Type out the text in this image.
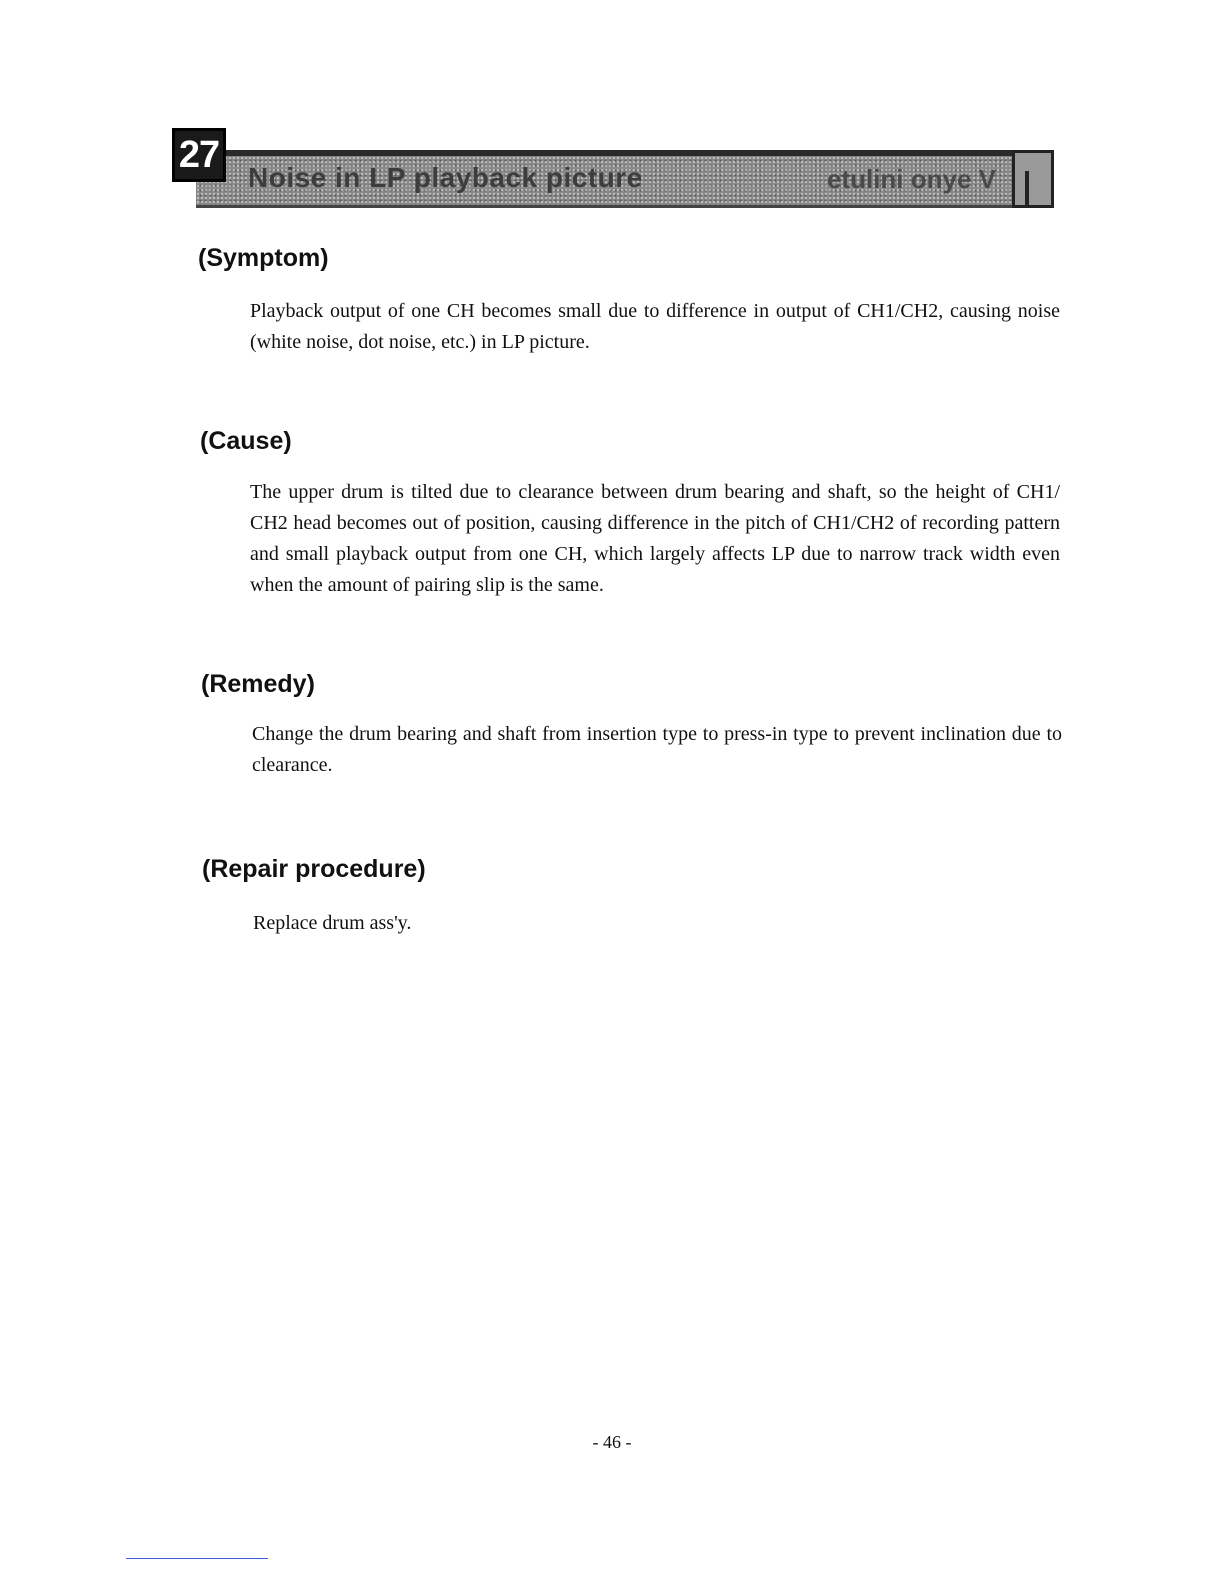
27
Noise in LP playback picture	etulini onye V
(Symptom)

Playback output of one CH becomes small due to difference in output of CH1/CH2, causing noise (white noise, dot noise, etc.) in LP picture.

(Cause)

The upper drum is tilted due to clearance between drum bearing and shaft, so the height of CH1/ CH2 head becomes out of position, causing difference in the pitch of CH1/CH2 of recording pattern and small playback output from one CH, which largely affects LP due to narrow track width even when the amount of pairing slip is the same.

(Remedy)

Change the drum bearing and shaft from insertion type to press-in type to prevent inclination due to clearance.

(Repair procedure)

Replace drum ass'y.

- 46 -
